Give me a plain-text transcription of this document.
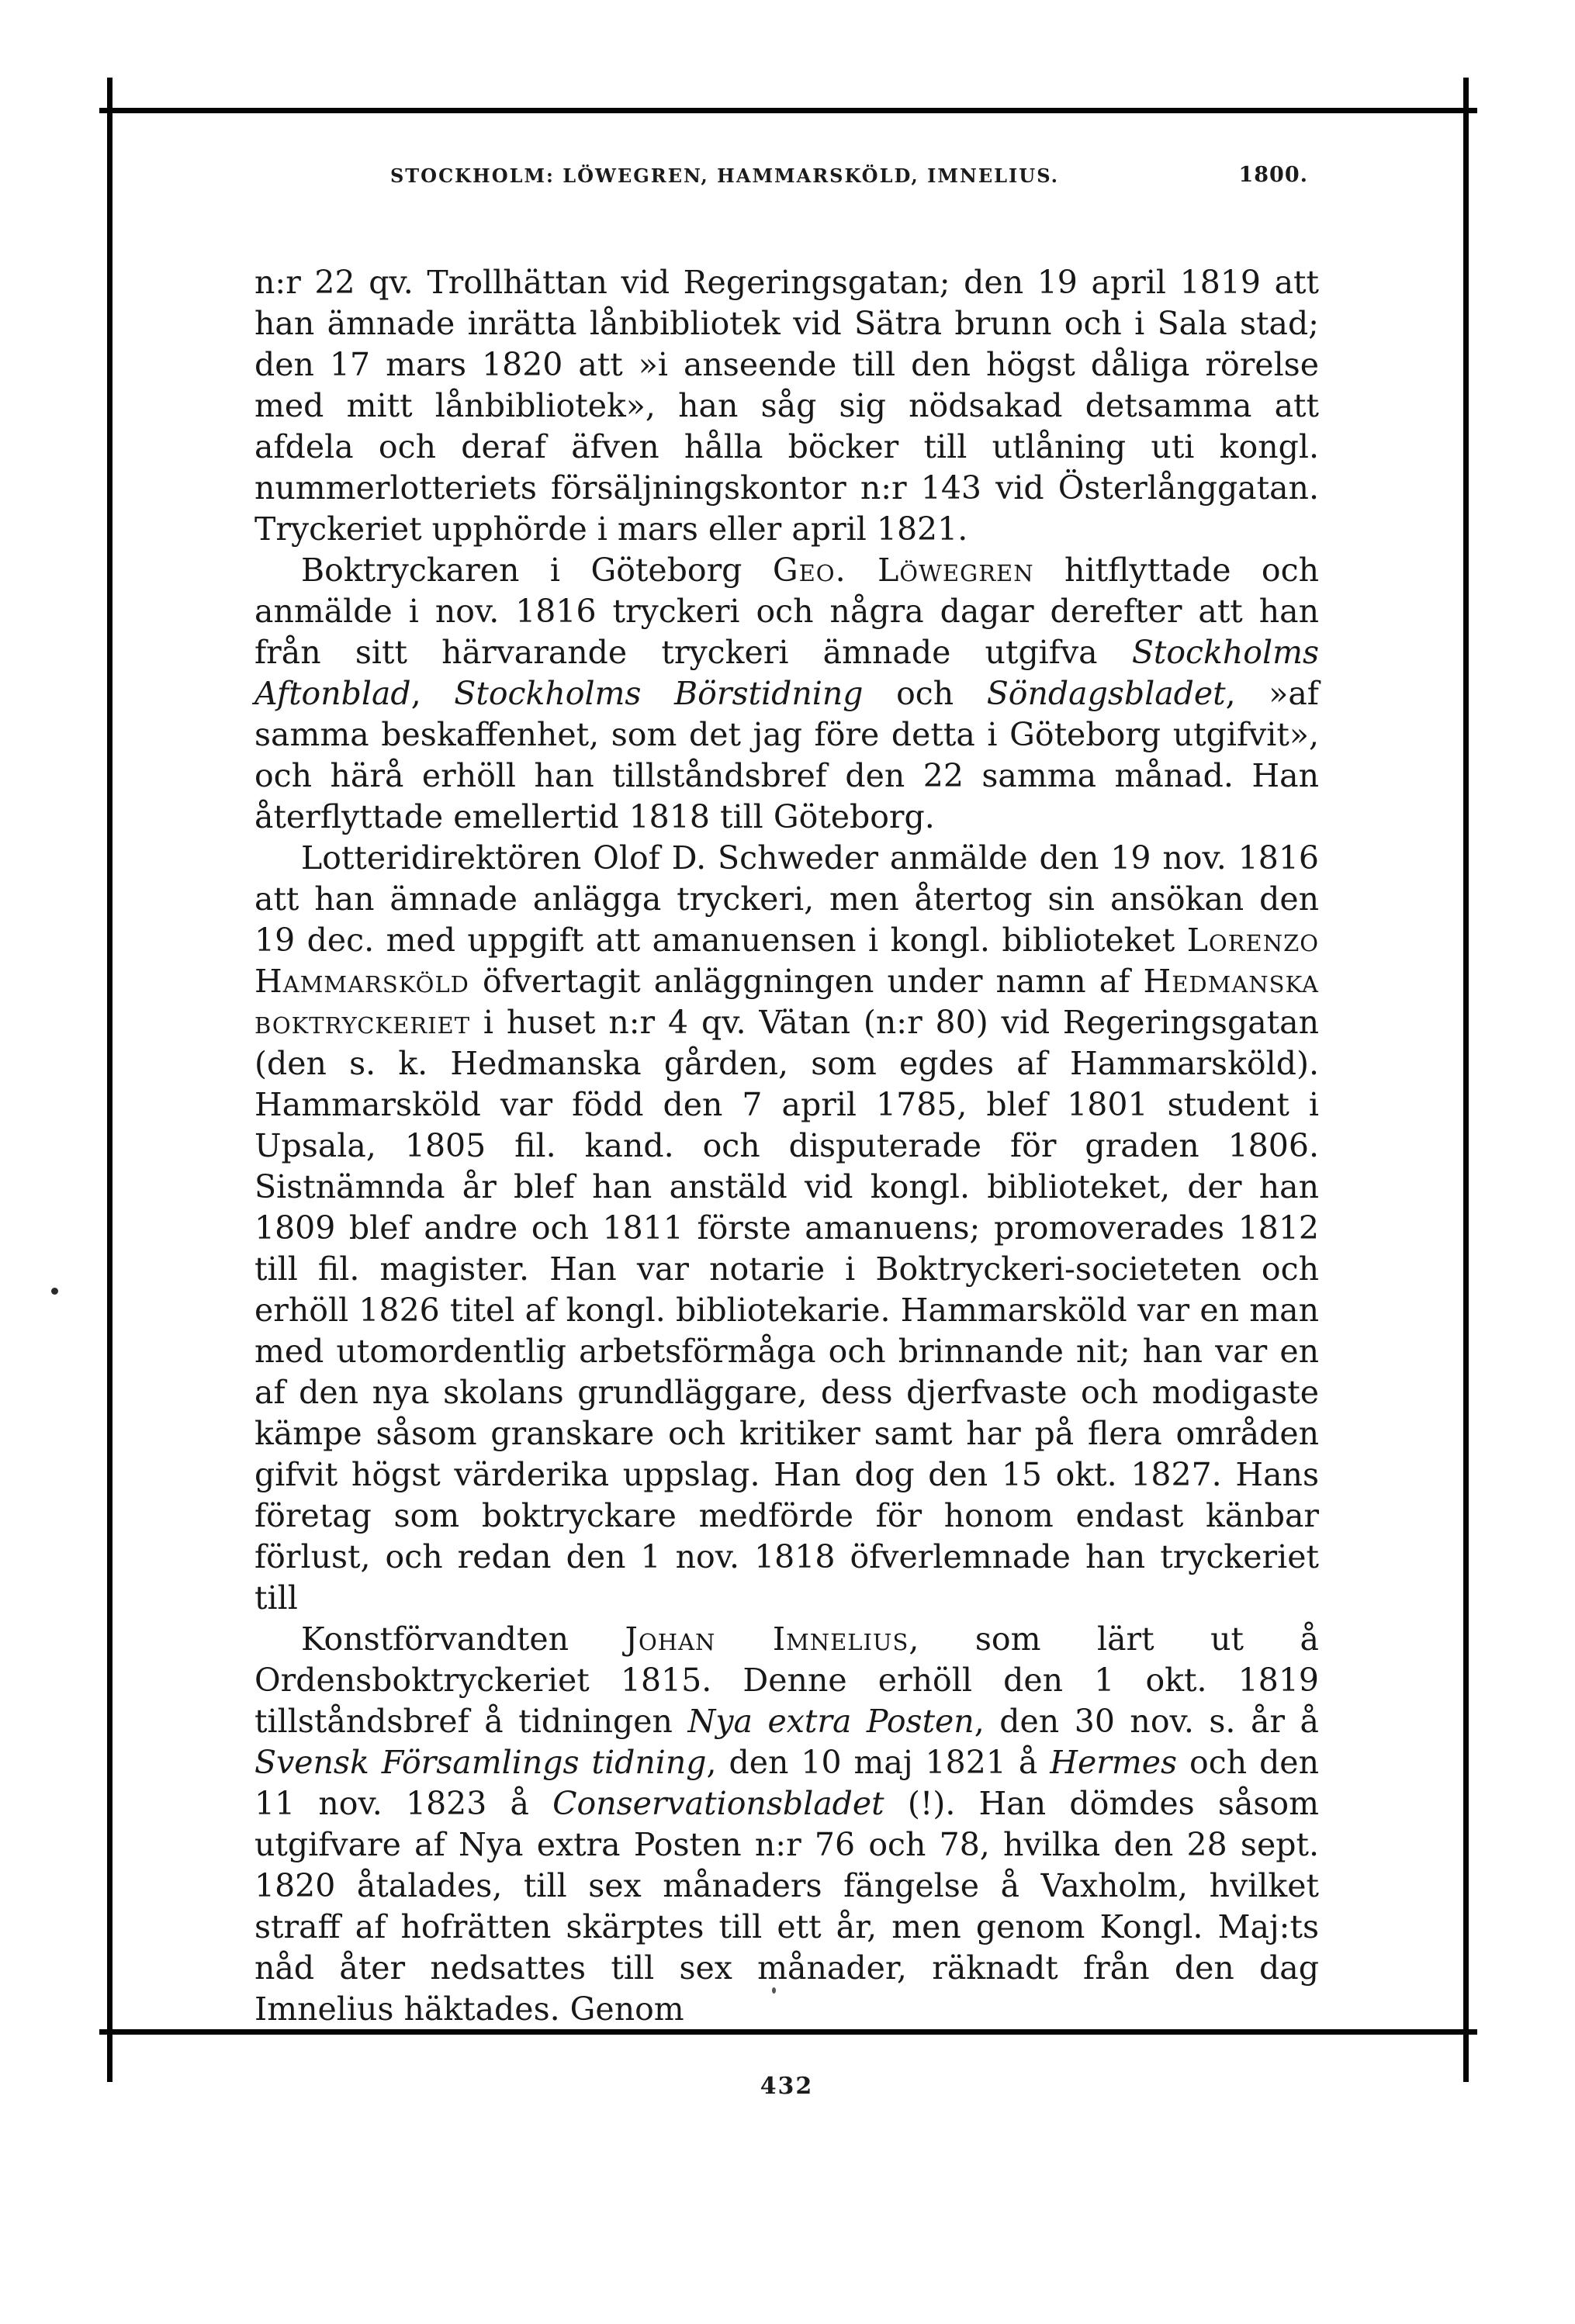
STOCKHOLM: LÖWEGREN, HAMMARSKÖLD, IMNELIUS.	1800.

n:r 22 qv. Trollhättan vid Regeringsgatan; den 19 april 1819 att han ämnade inrätta lånbibliotek vid Sätra brunn och i Sala stad; den 17 mars 1820 att »i anseende till den högst dåliga rörelse med mitt lånbibliotek», han såg sig nödsakad detsamma att afdela och deraf äfven hålla böcker till utlåning uti kongl. nummerlotteriets försäljningskontor n:r 143 vid Österlånggatan. Tryckeriet upphörde i mars eller april 1821.

Boktryckaren i Göteborg Geo. Löwegren hitflyttade och anmälde i nov. 1816 tryckeri och några dagar derefter att han från sitt härvarande tryckeri ämnade utgifva Stockholms Aftonblad, Stockholms Börstidning och Söndagsbladet, »af samma beskaffenhet, som det jag före detta i Göteborg utgifvit», och härå erhöll han tillståndsbref den 22 samma månad. Han återflyttade emellertid 1818 till Göteborg.

Lotteridirektören Olof D. Schweder anmälde den 19 nov. 1816 att han ämnade anlägga tryckeri, men återtog sin ansökan den 19 dec. med uppgift att amanuensen i kongl. biblioteket Lorenzo Hammarsköld öfvertagit anläggningen under namn af Hedmanska boktryckeriet i huset n:r 4 qv. Vätan (n:r 80) vid Regeringsgatan (den s. k. Hedmanska gården, som egdes af Hammarsköld). Hammarsköld var född den 7 april 1785, blef 1801 student i Upsala, 1805 fil. kand. och disputerade för graden 1806. Sistnämnda år blef han anstäld vid kongl. biblioteket, der han 1809 blef andre och 1811 förste amanuens; promoverades 1812 till fil. magister. Han var notarie i Boktryckeri-societeten och erhöll 1826 titel af kongl. bibliotekarie. Hammarsköld var en man med utomordentlig arbetsförmåga och brinnande nit; han var en af den nya skolans grundläggare, dess djerfvaste och modigaste kämpe såsom granskare och kritiker samt har på flera områden gifvit högst värderika uppslag. Han dog den 15 okt. 1827. Hans företag som boktryckare medförde för honom endast känbar förlust, och redan den 1 nov. 1818 öfverlemnade han tryckeriet till

Konstförvandten Johan Imnelius, som lärt ut å Ordensboktryckeriet 1815. Denne erhöll den 1 okt. 1819 tillståndsbref å tidningen Nya extra Posten, den 30 nov. s. år å Svensk Församlings tidning, den 10 maj 1821 å Hermes och den 11 nov. 1823 å Conservationsbladet (!). Han dömdes såsom utgifvare af Nya extra Posten n:r 76 och 78, hvilka den 28 sept. 1820 åtalades, till sex månaders fängelse å Vaxholm, hvilket straff af hofrätten skärptes till ett år, men genom Kongl. Maj:ts nåd åter nedsattes till sex månader, räknadt från den dag Imnelius häktades. Genom

432
